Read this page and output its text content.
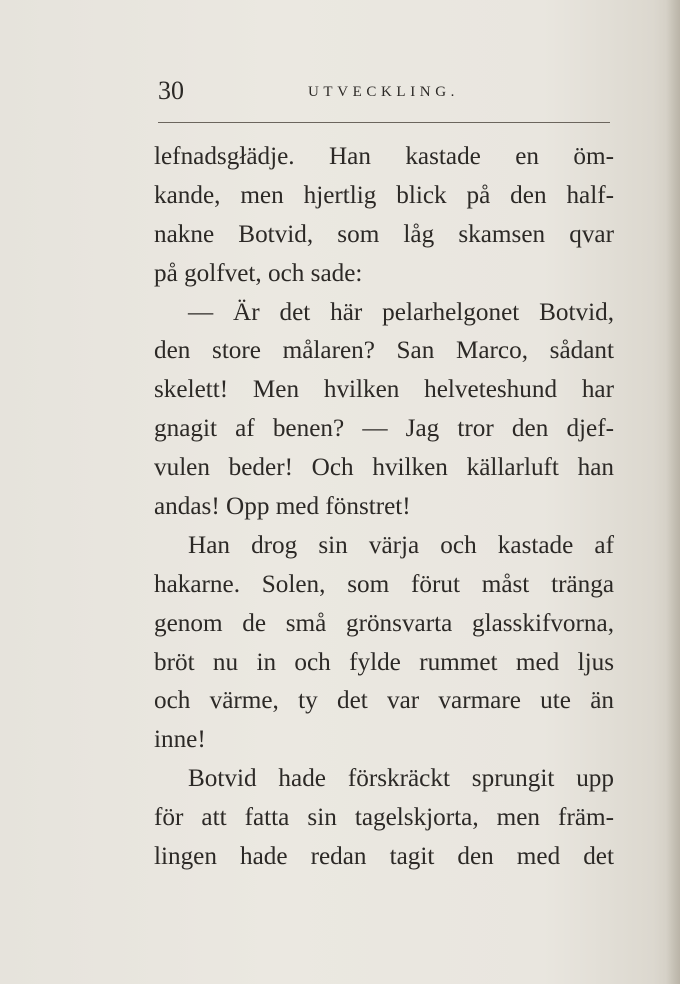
30	UTVECKLING.
lefnadsgłädje. Han kastade en öm-
kande, men hjertlig blick på den half-
nakne Botvid, som låg skamsen qvar
på golfvet, och sade:
— Är det här pelarhelgonet Botvid,
den store målaren? San Marco, sådant
skelett! Men hvilken helveteshund har
gnagit af benen? — Jag tror den djef-
vulen beder! Och hvilken källarluft han
andas! Opp med fönstret!
Han drog sin värja och kastade af
hakarne. Solen, som förut måst tränga
genom de små grönsvarta glasskifvorna,
bröt nu in och fylde rummet med ljus
och värme, ty det var varmare ute än
inne!
Botvid hade förskräckt sprungit upp
för att fatta sin tagelskjorta, men främ-
lingen hade redan tagit den med det
